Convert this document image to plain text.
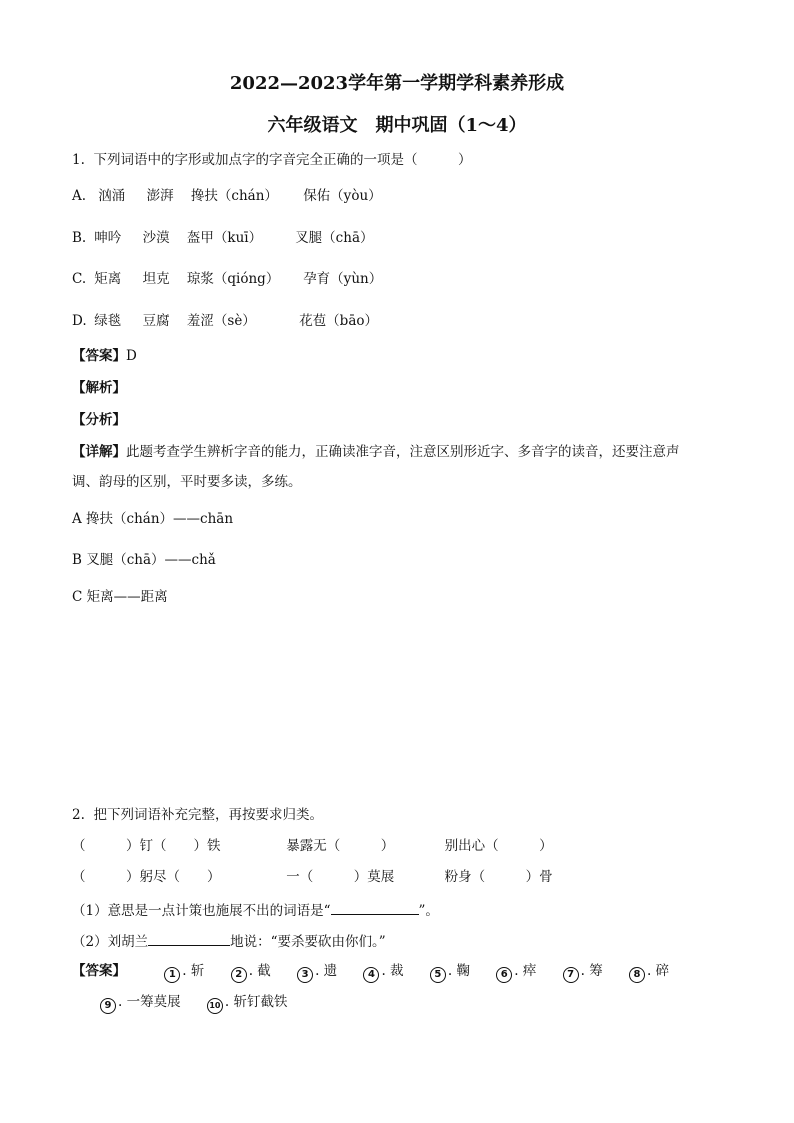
2022—2023学年第一学期学科素养形成
六年级语文　期中巩固（1～4）
1.  下列词语中的字形或加点字的字音完全正确的一项是（　　　）
A. 汹涌 澎湃 搀扶（chán） 保佑（yòu）
B. 呻吟 沙漠 盔甲（kuī） 叉腿（chā）
C. 矩离 坦克 琼浆（qióng） 孕育（yùn）
D. 绿毯 豆腐 羞涩（sè）	花苞（bāo）
【答案】D
【解析】
【分析】
【详解】此题考查学生辨析字音的能力，正确读准字音，注意区别形近字、多音字的读音，还要注意声
调、韵母的区别，平时要多读，多练。
A 搀扶（chán）——chān
B 叉腿（chā）——chǎ
C 矩离——距离
2.  把下列词语补充完整，再按要求归类。
（　　　）钉（　　）铁	暴露无（　　　）	别出心（　　　）
（　　　）躬尽（　　）	一（　　　）莫展	粉身（　　　）骨
（1）意思是一点计策也施展不出的词语是“	”。
（2）刘胡兰	地说：“要杀要砍由你们。”
【答案】	1 . 斩	2 . 截	3 . 遗	4 . 裁	5 . 鞠	6 . 瘁	7 . 筹	8 . 碎
9 . 一筹莫展	10 . 斩钉截铁
